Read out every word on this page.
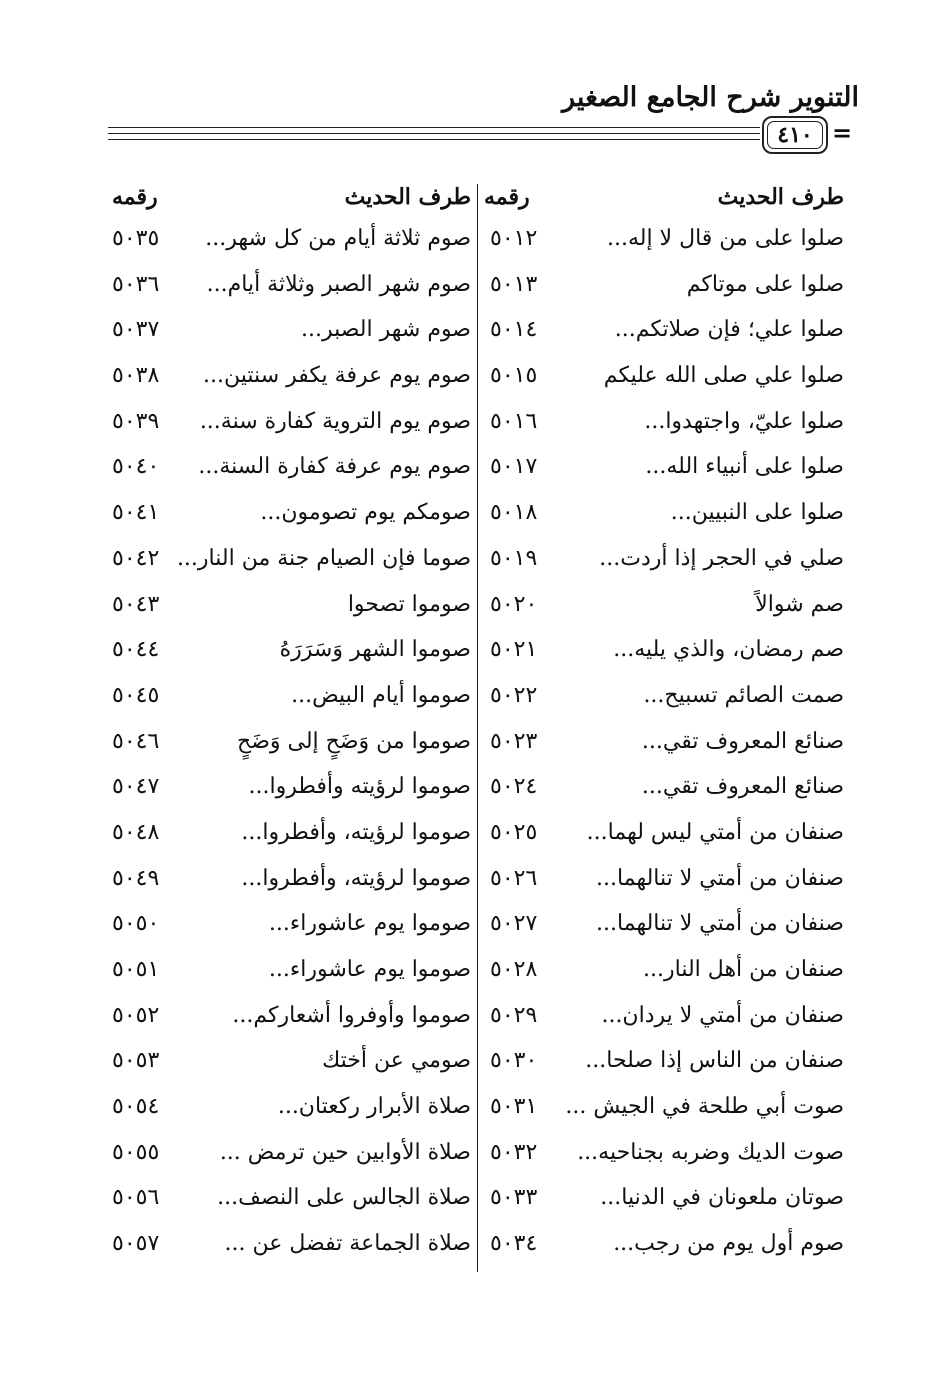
التنوير شرح الجامع الصغير
٤١٠ =
طرف الحديث
رقمه
طرف الحديث
رقمه
صلوا على من قال لا إله...
٥٠١٢
صوم ثلاثة أيام من كل شهر...
٥٠٣٥
صلوا على موتاكم
٥٠١٣
صوم شهر الصبر وثلاثة أيام...
٥٠٣٦
صلوا علي؛ فإن صلاتكم...
٥٠١٤
صوم شهر الصبر...
٥٠٣٧
صلوا علي صلى الله عليكم
٥٠١٥
صوم يوم عرفة يكفر سنتين...
٥٠٣٨
صلوا عليّ، واجتهدوا...
٥٠١٦
صوم يوم التروية كفارة سنة...
٥٠٣٩
صلوا على أنبياء الله...
٥٠١٧
صوم يوم عرفة كفارة السنة...
٥٠٤٠
صلوا على النبيين...
٥٠١٨
صومكم يوم تصومون...
٥٠٤١
صلي في الحجر إذا أردت...
٥٠١٩
صوما فإن الصيام جنة من النار...
٥٠٤٢
صم شوالاً
٥٠٢٠
صوموا تصحوا
٥٠٤٣
صم رمضان، والذي يليه...
٥٠٢١
صوموا الشهر وَسَرَرَهُ
٥٠٤٤
صمت الصائم تسبيح...
٥٠٢٢
صوموا أيام البيض...
٥٠٤٥
صنائع المعروف تقي...
٥٠٢٣
صوموا من وَضَحٍ إلى وَضَحٍ
٥٠٤٦
صنائع المعروف تقي...
٥٠٢٤
صوموا لرؤيته وأفطروا...
٥٠٤٧
صنفان من أمتي ليس لهما...
٥٠٢٥
صوموا لرؤيته، وأفطروا...
٥٠٤٨
صنفان من أمتي لا تنالهما...
٥٠٢٦
صوموا لرؤيته، وأفطروا...
٥٠٤٩
صنفان من أمتي لا تنالهما...
٥٠٢٧
صوموا يوم عاشوراء...
٥٠٥٠
صنفان من أهل النار...
٥٠٢٨
صوموا يوم عاشوراء...
٥٠٥١
صنفان من أمتي لا يردان...
٥٠٢٩
صوموا وأوفروا أشعاركم...
٥٠٥٢
صنفان من الناس إذا صلحا...
٥٠٣٠
صومي عن أختك
٥٠٥٣
صوت أبي طلحة في الجيش ...
٥٠٣١
صلاة الأبرار ركعتان...
٥٠٥٤
صوت الديك وضربه بجناحيه...
٥٠٣٢
صلاة الأوابين حين ترمض ...
٥٠٥٥
صوتان ملعونان في الدنيا...
٥٠٣٣
صلاة الجالس على النصف...
٥٠٥٦
صوم أول يوم من رجب...
٥٠٣٤
صلاة الجماعة تفضل عن ...
٥٠٥٧
